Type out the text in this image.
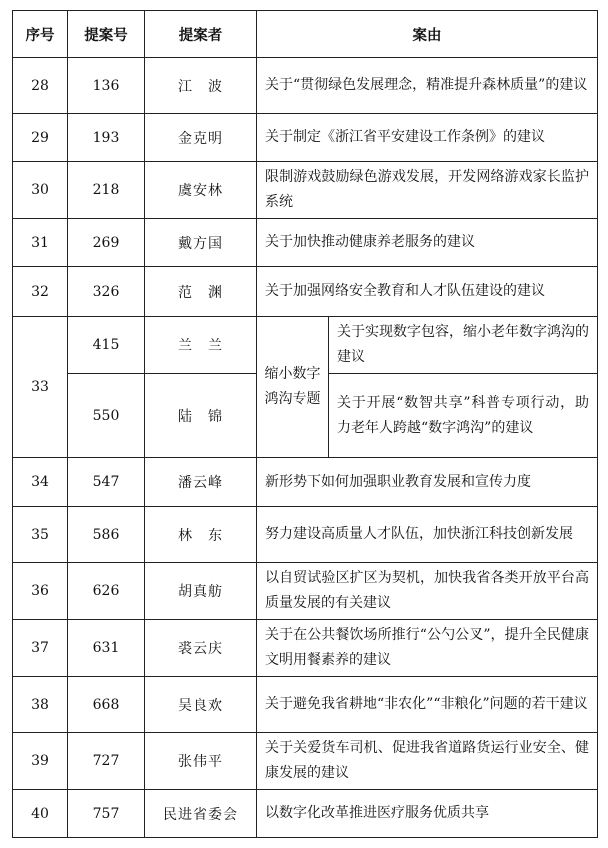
序号	提案号	提案者	案由	
28	136	江　波	关于“贯彻绿色发展理念，精准提升森林质量”的建议	
29	193	金克明	关于制定《浙江省平安建设工作条例》的建议	
30	218	虞安林	限制游戏鼓励绿色游戏发展，开发网络游戏家长监护系统	
31	269	戴方国	关于加快推动健康养老服务的建议	
32	326	范　渊	关于加强网络安全教育和人才队伍建设的建议	
33	415	兰　兰	缩小数字鸿沟专题	关于实现数字包容，缩小老年数字鸿沟的建议
	550	陆　锦		关于开展“数智共享”科普专项行动，助力老年人跨越“数字鸿沟”的建议
34	547	潘云峰	新形势下如何加强职业教育发展和宣传力度	
35	586	林　东	努力建设高质量人才队伍，加快浙江科技创新发展	
36	626	胡真舫	以自贸试验区扩区为契机，加快我省各类开放平台高质量发展的有关建议	
37	631	裘云庆	关于在公共餐饮场所推行“公勺公叉”，提升全民健康文明用餐素养的建议	
38	668	吴良欢	关于避免我省耕地“非农化”“非粮化”问题的若干建议	
39	727	张伟平	关于关爱货车司机、促进我省道路货运行业安全、健康发展的建议	
40	757	民进省委会	以数字化改革推进医疗服务优质共享	
